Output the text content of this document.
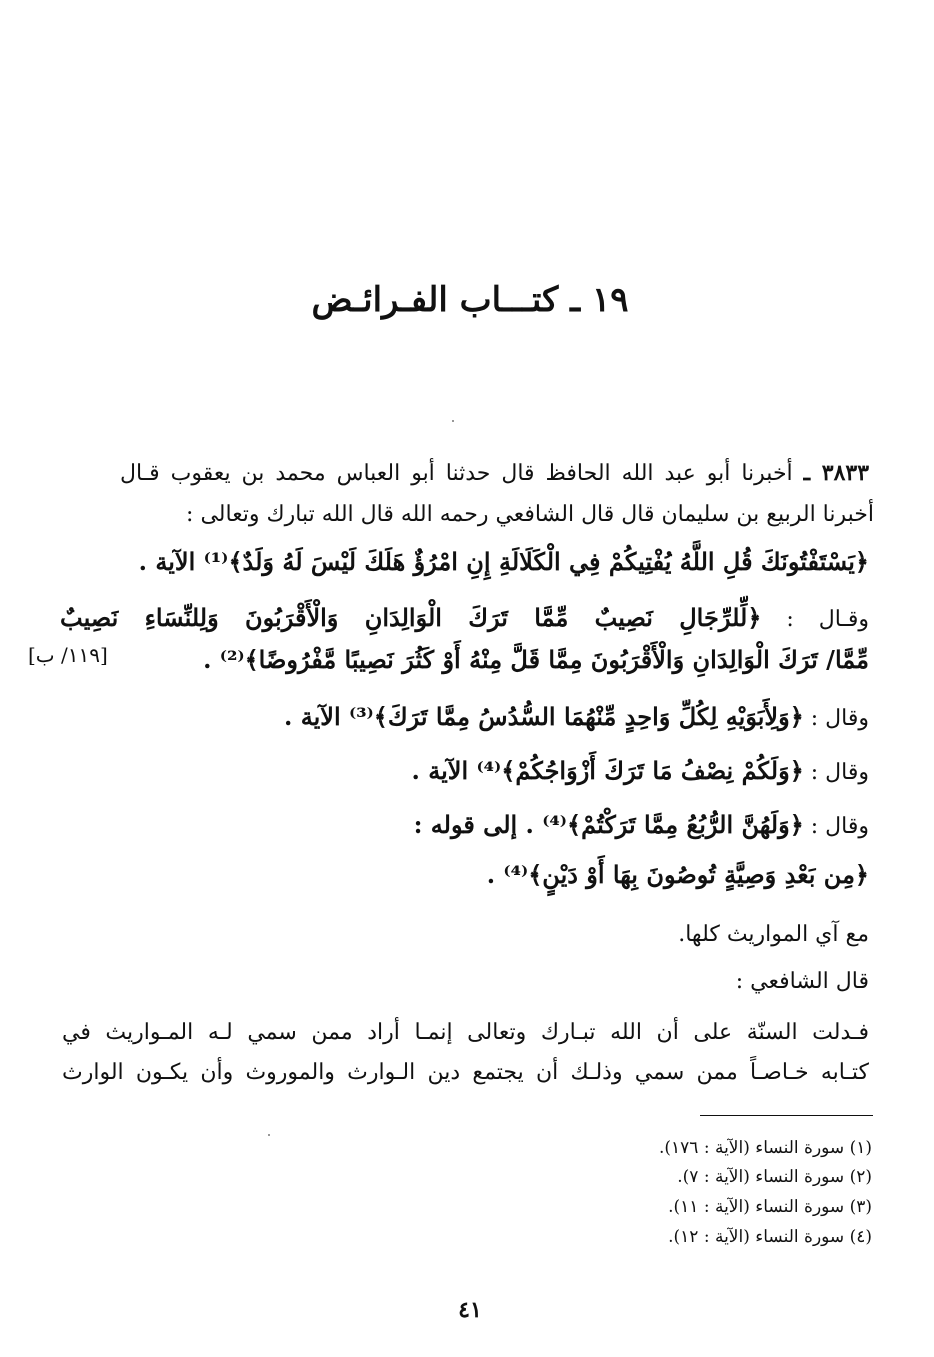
١٩ ـ كتـــاب الفـرائـض
٣٨٣٣ ـ أخبرنا أبو عبد الله الحافظ قال حدثنا أبو العباس محمد بن يعقوب قـال
أخبرنا الربيع بن سليمان قال قال الشافعي رحمه الله قال الله تبارك وتعالى :
﴿يَسْتَفْتُونَكَ قُلِ اللَّهُ يُفْتِيكُمْ فِي الْكَلَالَةِ إِنِ امْرُؤٌ هَلَكَ لَيْسَ لَهُ وَلَدٌ﴾⁽¹⁾ الآية .
وقـال : ﴿لِّلرِّجَالِ نَصِيبٌ مِّمَّا تَرَكَ الْوَالِدَانِ وَالْأَقْرَبُونَ وَلِلنِّسَاءِ نَصِيبٌ
مِّمَّا/ تَرَكَ الْوَالِدَانِ وَالْأَقْرَبُونَ مِمَّا قَلَّ مِنْهُ أَوْ كَثُرَ نَصِيبًا مَّفْرُوضًا﴾⁽²⁾ .
[١١٩/ ب]
وقال : ﴿وَلِأَبَوَيْهِ لِكُلِّ وَاحِدٍ مِّنْهُمَا السُّدُسُ مِمَّا تَرَكَ﴾⁽³⁾ الآية .
وقال : ﴿وَلَكُمْ نِصْفُ مَا تَرَكَ أَزْوَاجُكُمْ﴾⁽⁴⁾ الآية .
وقال : ﴿وَلَهُنَّ الرُّبُعُ مِمَّا تَرَكْتُمْ﴾⁽⁴⁾ . إلى قوله :
﴿مِن بَعْدِ وَصِيَّةٍ تُوصُونَ بِهَا أَوْ دَيْنٍ﴾⁽⁴⁾ .
مع آي المواريث كلها.
قال الشافعي :
فـدلت السنّة على أن الله تبـارك وتعالى إنمـا أراد ممن سمي لـه المـواريث في
كتـابه خـاصـاً ممن سمي وذلـك أن يجتمع دين الـوارث والموروث وأن يكـون الوارث
(١) سورة النساء (الآية : ١٧٦).
(٢) سورة النساء (الآية : ٧).
(٣) سورة النساء (الآية : ١١).
(٤) سورة النساء (الآية : ١٢).
٤١
